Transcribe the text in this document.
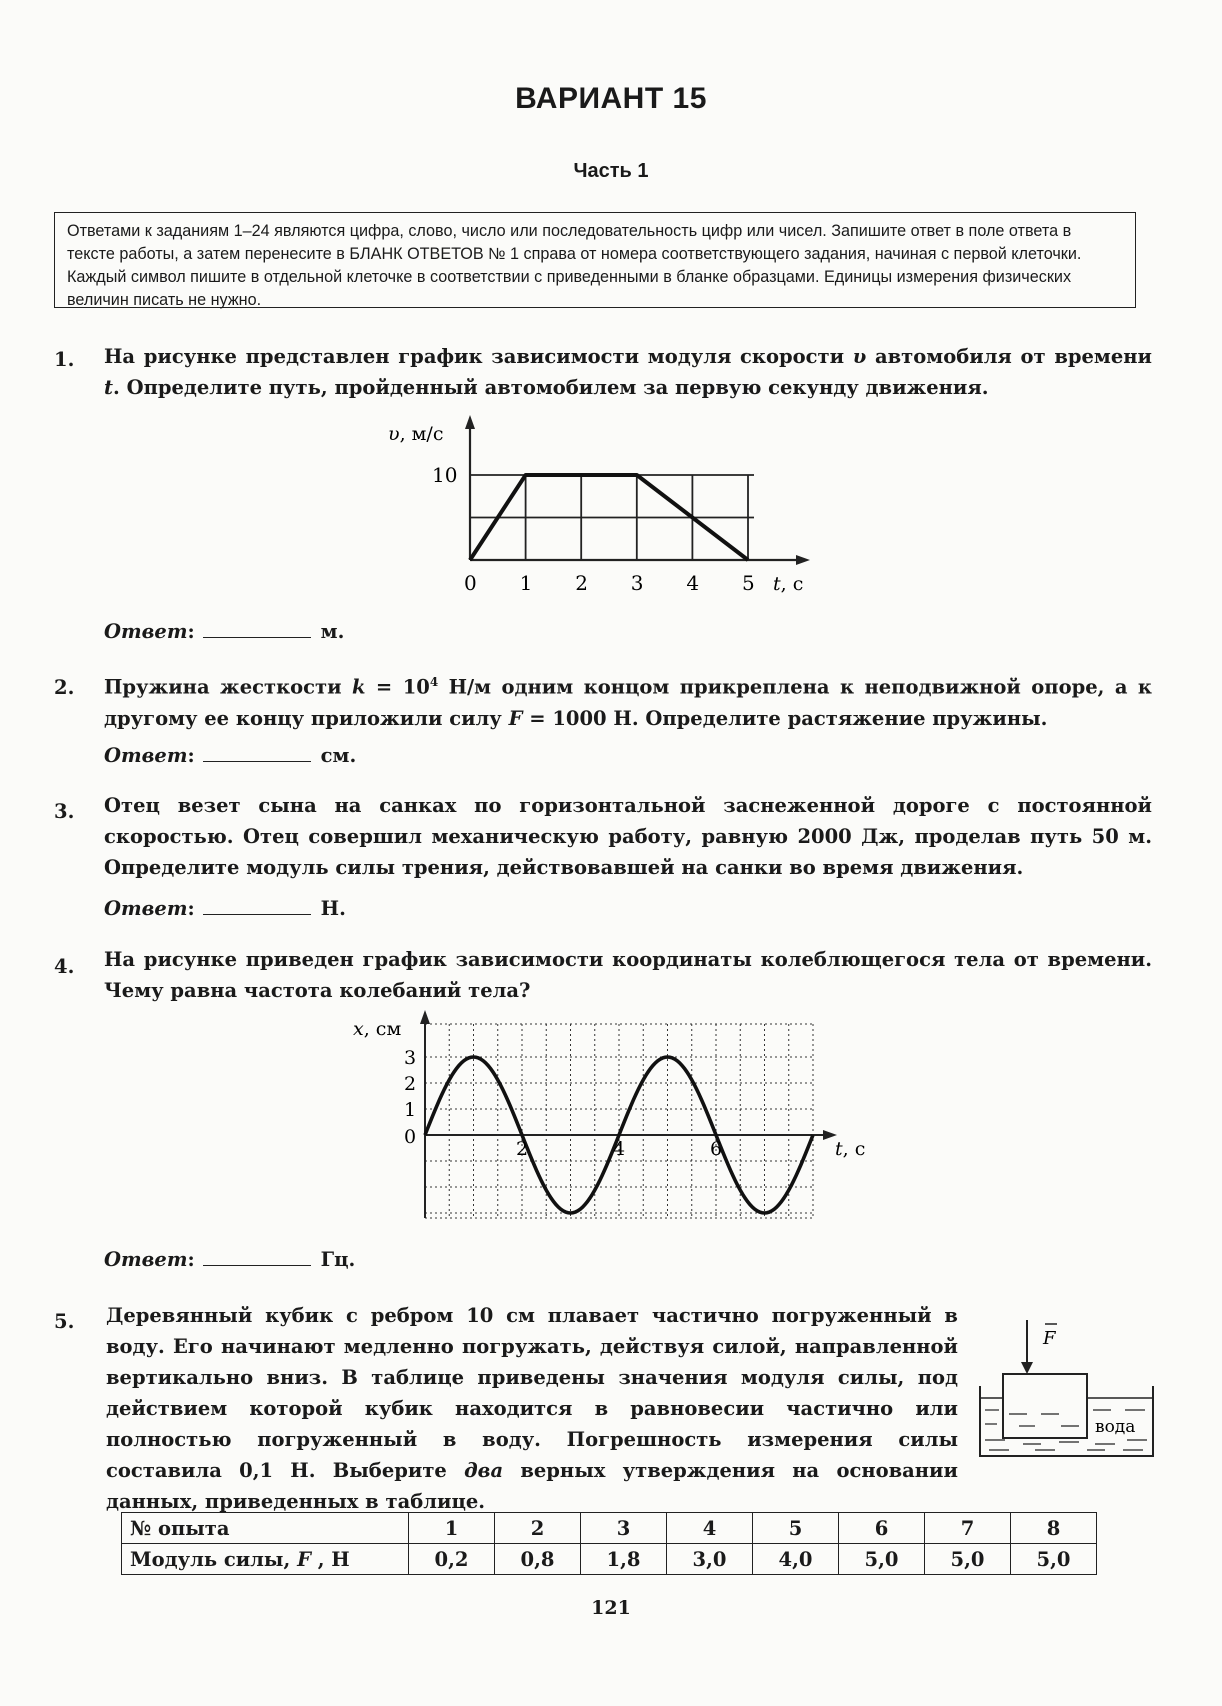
ВАРИАНТ 15
Часть 1
Ответами к заданиям 1–24 являются цифра, слово, число или последовательность цифр или чисел. Запишите ответ в поле ответа в тексте работы, а затем перенесите в БЛАНК ОТВЕТОВ № 1 справа от номера соответствующего задания, начиная с первой клеточки. Каждый символ пишите в отдельной клеточке в соответствии с приведенными в бланке образцами. Единицы измерения физических величин писать не нужно.
1. На рисунке представлен график зависимости модуля скорости υ автомобиля от времени t. Определите путь, пройденный автомобилем за первую секунду движения.
0 1 2 3 4 5
10
υ, м/с
t, с
Ответ:	м.
2. Пружина жесткости $k = 10^4$ Н/м одним концом прикреплена к неподвижной опоре, а к другому ее концу приложили силу F = 1000 Н. Определите растяжение пружины.
Ответ:	см.
3. Отец везет сына на санках по горизонтальной заснеженной дороге с постоянной скоростью. Отец совершил механическую работу, равную 2000 Дж, проделав путь 50 м. Определите модуль силы трения, действовавшей на санки во время движения.
Ответ:	Н.
4. На рисунке приведен график зависимости координаты колеблющегося тела от времени. Чему равна частота колебаний тела?
0
1
2
3
2	4	6
x, см
t, с
Ответ:	Гц.
5. Деревянный кубик с ребром 10 см плавает частично погруженный в воду. Его начинают медленно погружать, действуя силой, направленной вертикально вниз. В таблице приведены значения модуля силы, под действием которой кубик находится в равновесии частично или полностью погруженный в воду. Погрешность измерения силы составила 0,1 Н. Выберите два верных утверждения на основании данных, приведенных в таблице.
F
вода
№ опыта	1	2	3	4	5	6	7	8
Модуль силы, F , Н	0,2	0,8	1,8	3,0	4,0	5,0	5,0	5,0
121
